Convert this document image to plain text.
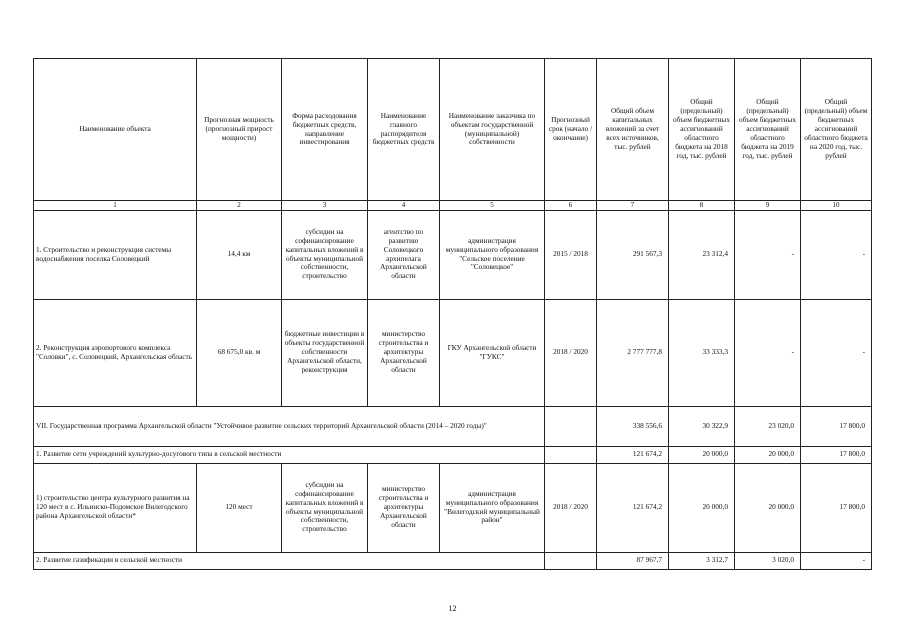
Наименование объекта	Прогнозная мощность (прогнозный прирост мощности)	Форма расходования бюджетных средств, направление инвестирования	Наименование главного распорядителя бюджетных средств	Наименование заказчика по объектам государственной (муниципальной) собственности	Прогнозный срок (начало / окончание)	Общий объем капитальных вложений за счет всех источников, тыс. рублей	Общий (предельный) объем бюджетных ассигнований областного бюджета на 2018 год, тыс. рублей	Общий (предельный) объем бюджетных ассигнований областного бюджета на 2019 год, тыс. рублей	Общий (предельный) объем бюджетных ассигнований областного бюджета на 2020 год, тыс. рублей
1	2	3	4	5	6	7	8	9	10
1. Строительство и реконструкция системы водоснабжения поселка Соловецкий	14,4 км	субсидии на софинансирование капитальных вложений в объекты муниципальной собственности, строительство	агентство по развитию Соловецкого архипелага Архангельской области	администрация муниципального образования "Сельское поселение "Соловецкое"	2015 / 2018	291 567,3	23 312,4	-	-
2. Реконструкция аэропортового комплекса "Соловки", с. Соловецкий, Архангельская область	68 675,0 кв. м	бюджетные инвестиции в объекты государственной собственности Архангельской области, реконструкция	министерство строительства и архитектуры Архангельской области	ГКУ Архангельской области "ГУКС"	2018 / 2020	2 777 777,8	33 333,3	-	-
VII. Государственная программа Архангельской области "Устойчивое развитие сельских территорий Архангельской области (2014 – 2020 годы)"						338 556,6	30 322,9	23 020,0	17 800,0
1. Развитие сети учреждений культурно-досугового типа в сельской местности						121 674,2	20 000,0	20 000,0	17 800,0
1) строительство центра культурного развития на 120 мест в с. Ильинско-Подомское Вилегодского района Архангельской области*	120 мест	субсидии на софинансирование капитальных вложений в объекты муниципальной собственности, строительство	министерство строительства и архитектуры Архангельской области	администрация муниципального образования "Вилегодский муниципальный район"	2018 / 2020	121 674,2	20 000,0	20 000,0	17 800,0
2. Развитие газификации в сельской местности						87 967,7	3 312,7	3 020,0	-
12
